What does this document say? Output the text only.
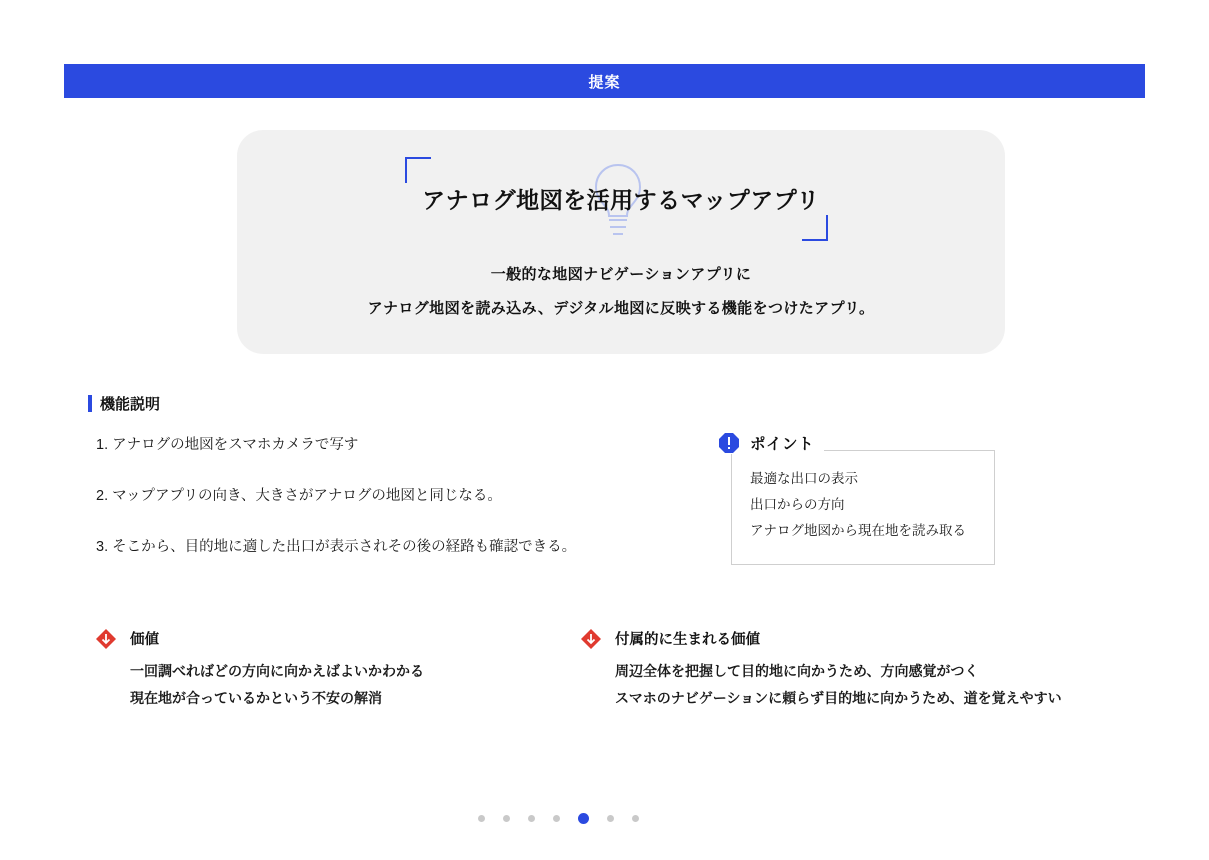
提案
アナログ地図を活用するマップアプリ
一般的な地図ナビゲーションアプリに
アナログ地図を読み込み、デジタル地図に反映する機能をつけたアプリ。
機能説明
1. アナログの地図をスマホカメラで写す
2. マップアプリの向き、大きさがアナログの地図と同じなる。
3. そこから、目的地に適した出口が表示されその後の経路も確認できる。
ポイント
最適な出口の表示
出口からの方向
アナログ地図から現在地を読み取る
価値
一回調べればどの方向に向かえばよいかわかる
現在地が合っているかという不安の解消
付属的に生まれる価値
周辺全体を把握して目的地に向かうため、方向感覚がつく
スマホのナビゲーションに頼らず目的地に向かうため、道を覚えやすい
